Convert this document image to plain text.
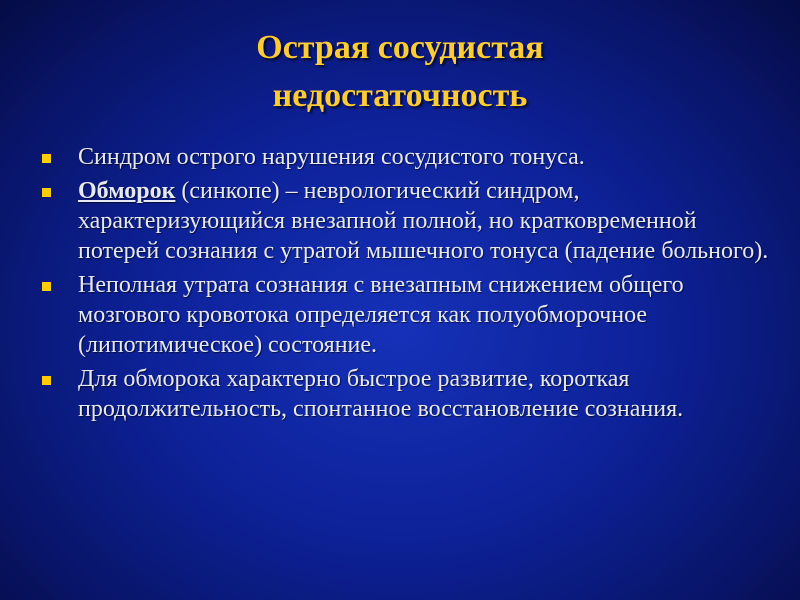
Острая сосудистая
недостаточность
Синдром острого нарушения сосудистого тонуса.
Обморок (синкопе) – неврологический синдром, характеризующийся внезапной полной, но кратковременной потерей сознания с утратой мышечного тонуса (падение больного).
Неполная утрата сознания с внезапным снижением общего мозгового кровотока определяется как полуобморочное (липотимическое) состояние.
Для обморока характерно быстрое развитие, короткая продолжительность, спонтанное восстановление сознания.
